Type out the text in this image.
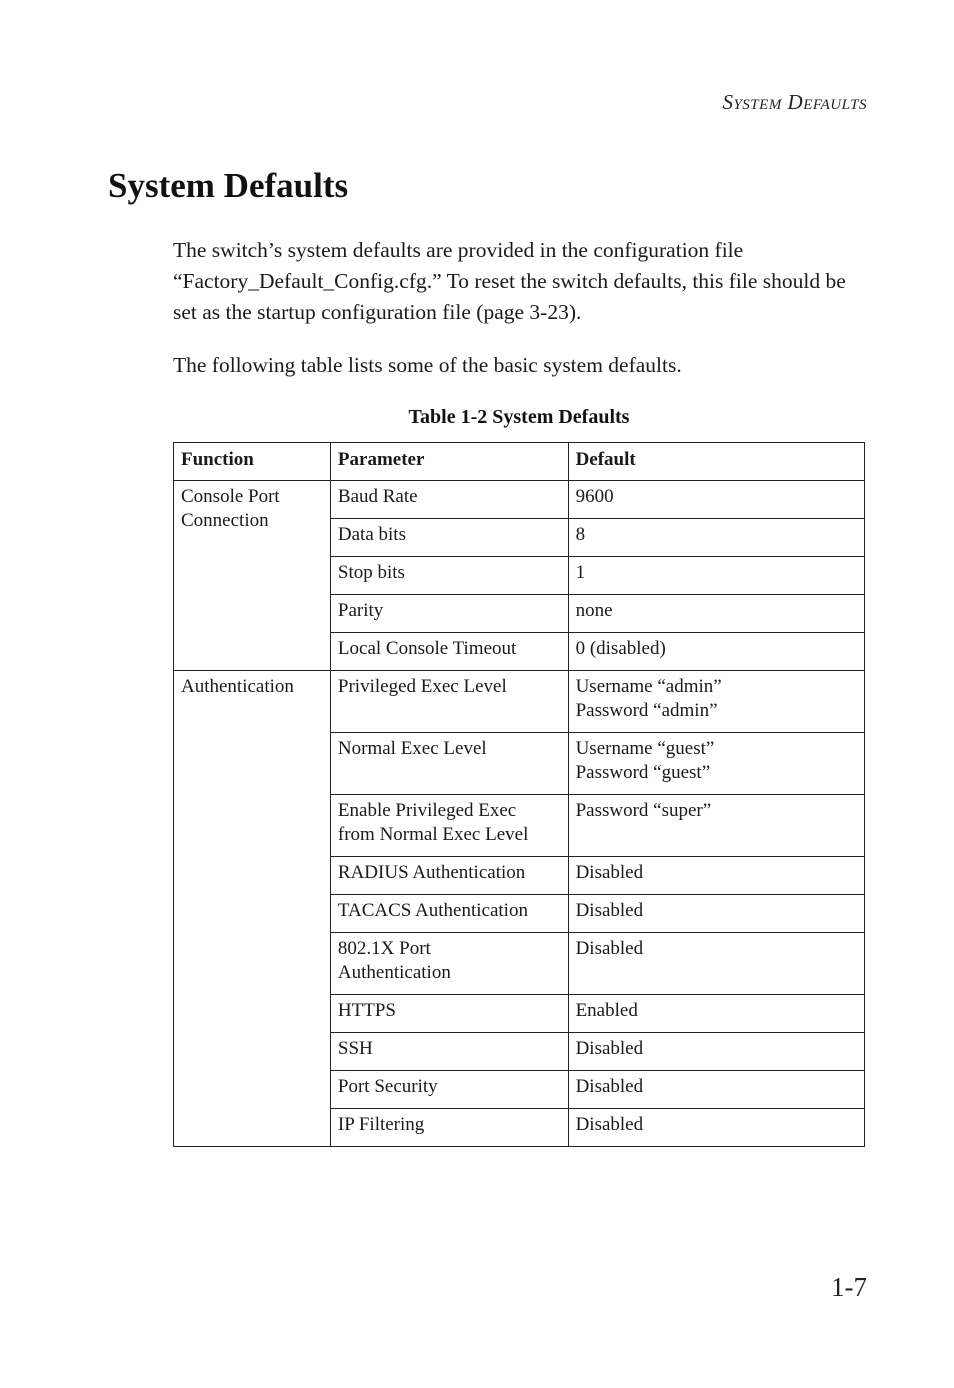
System Defaults
System Defaults

The switch’s system defaults are provided in the configuration file “Factory_Default_Config.cfg.” To reset the switch defaults, this file should be set as the startup configuration file (page 3-23).

The following table lists some of the basic system defaults.

Table 1-2 System Defaults
Function	Parameter	Default

Console Port
Connection	Baud Rate	9600

	Data bits	8

	Stop bits	1

	Parity	none

	Local Console Timeout	0 (disabled)

Authentication	Privileged Exec Level	Username “admin”
Password “admin”

	Normal Exec Level	Username “guest”
Password “guest”

	Enable Privileged Exec
from Normal Exec Level	Password “super”

	RADIUS Authentication	Disabled

	TACACS Authentication	Disabled

	802.1X Port
Authentication	Disabled

	HTTPS	Enabled

	SSH	Disabled

	Port Security	Disabled

	IP Filtering	Disabled
1-7
